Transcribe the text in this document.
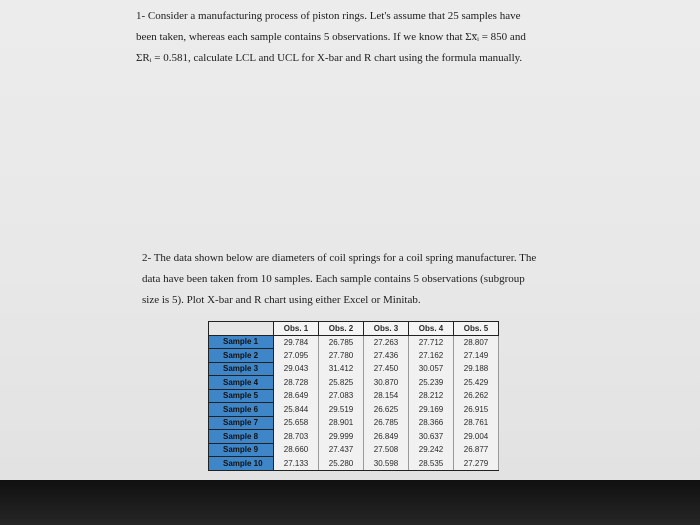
1- Consider a manufacturing process of piston rings. Let's assume that 25 samples have
been taken, whereas each sample contains 5 observations. If we know that Σx̅ᵢ = 850 and
ΣRᵢ = 0.581, calculate LCL and UCL for X-bar and R chart using the formula manually.
2- The data shown below are diameters of coil springs for a coil spring manufacturer. The
data have been taken from 10 samples. Each sample contains 5 observations (subgroup
size is 5). Plot X-bar and R chart using either Excel or Minitab.
	Obs. 1	Obs. 2	Obs. 3	Obs. 4	Obs. 5
Sample 1	29.784	26.785	27.263	27.712	28.807
Sample 2	27.095	27.780	27.436	27.162	27.149
Sample 3	29.043	31.412	27.450	30.057	29.188
Sample 4	28.728	25.825	30.870	25.239	25.429
Sample 5	28.649	27.083	28.154	28.212	26.262
Sample 6	25.844	29.519	26.625	29.169	26.915
Sample 7	25.658	28.901	26.785	28.366	28.761
Sample 8	28.703	29.999	26.849	30.637	29.004
Sample 9	28.660	27.437	27.508	29.242	26.877
Sample 10	27.133	25.280	30.598	28.535	27.279
